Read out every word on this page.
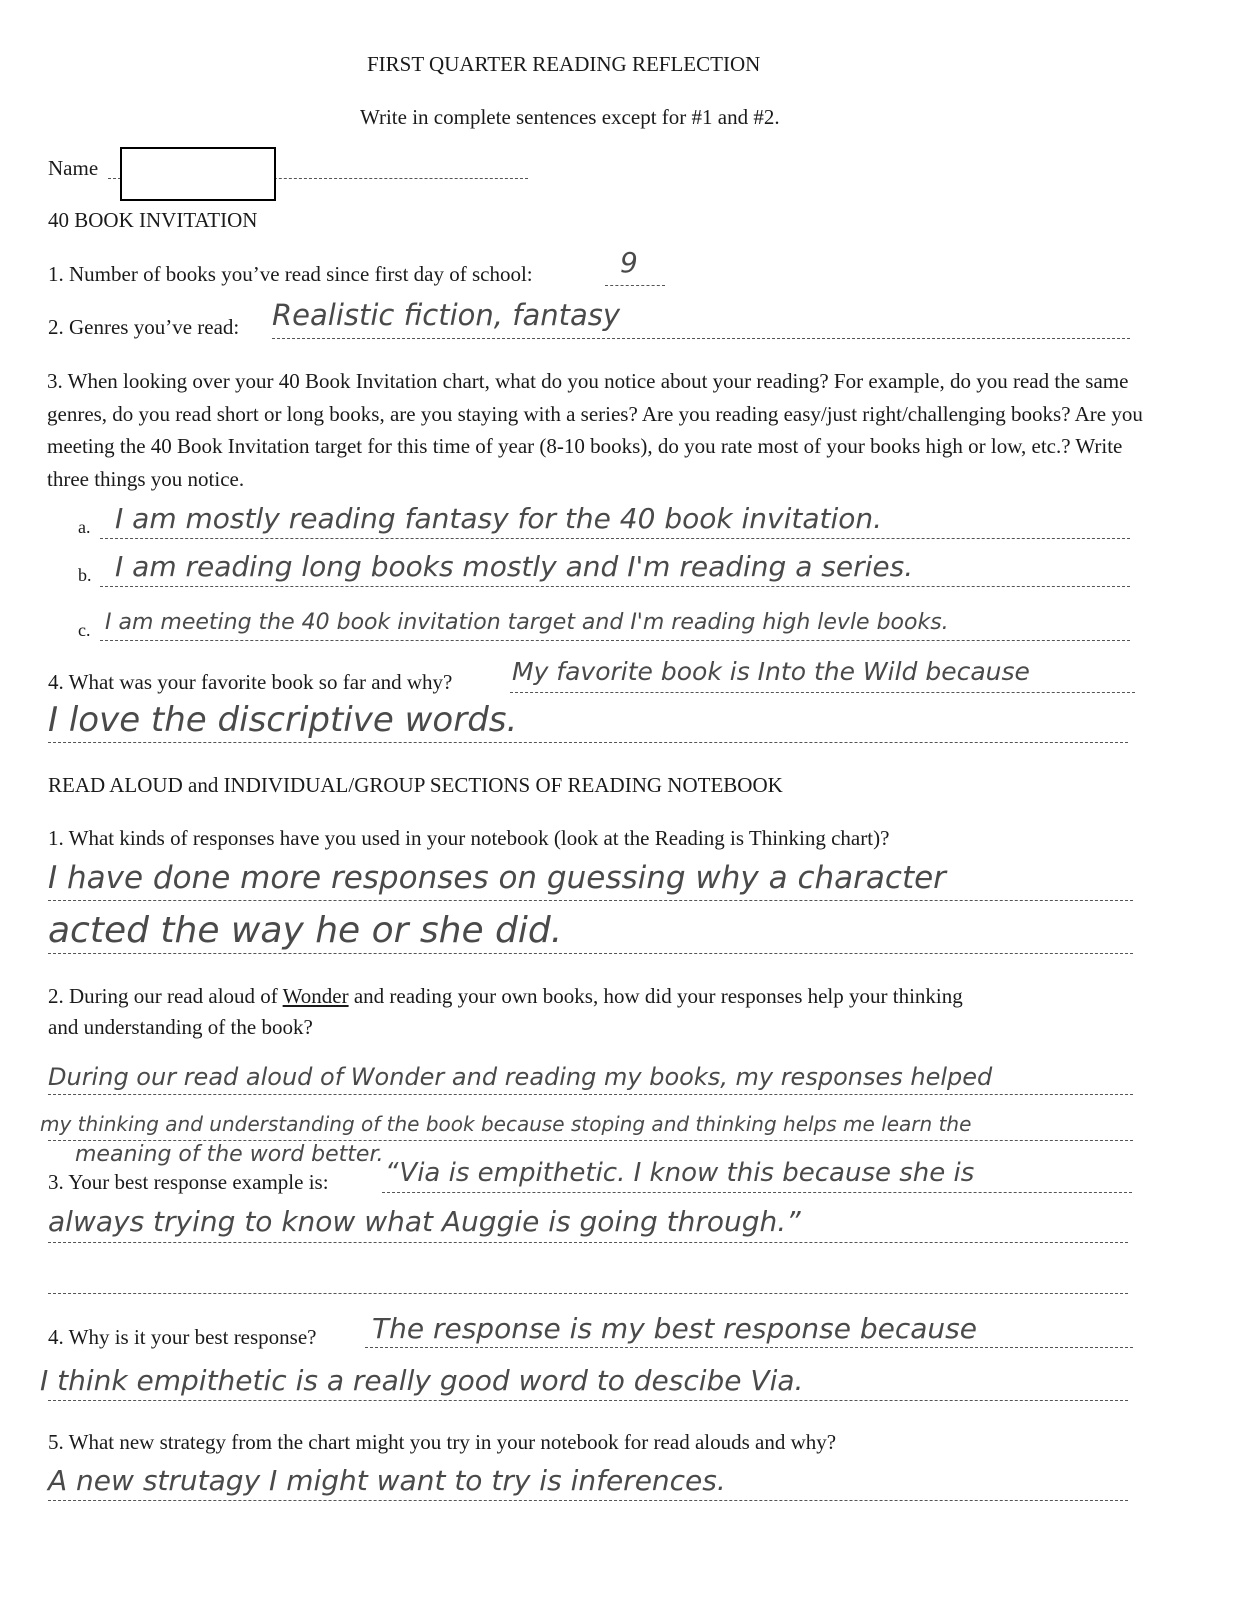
FIRST QUARTER READING REFLECTION
Write in complete sentences except for #1 and #2.
Name
40 BOOK INVITATION
1. Number of books you’ve read since first day of school:	9
2. Genres you’ve read: Realistic fiction, fantasy
3. When looking over your 40 Book Invitation chart, what do you notice about your reading? For example, do you read the same genres, do you read short or long books, are you staying with a series? Are you reading easy/just right/challenging books? Are you meeting the 40 Book Invitation target for this time of year (8-10 books), do you rate most of your books high or low, etc.? Write three things you notice.
a. I am mostly reading fantasy for the 40 book invitation.
b. I am reading long books mostly and I'm reading a series.
c. I am meeting the 40 book invitation target and I'm reading high levle books.
4. What was your favorite book so far and why? My favorite book is Into the Wild because
I love the discriptive words.
READ ALOUD and INDIVIDUAL/GROUP SECTIONS OF READING NOTEBOOK
1. What kinds of responses have you used in your notebook (look at the Reading is Thinking chart)?
I have done more responses on guessing why a character
acted the way he or she did.
2. During our read aloud of Wonder and reading your own books, how did your responses help your thinking
and understanding of the book?
During our read aloud of Wonder and reading my books, my responses helped
my thinking and understanding of the book because stoping and thinking helps me learn the
meaning of the word better.
3. Your best response example is: “Via is empithetic. I know this because she is
always trying to know what Auggie is going through.”
4. Why is it your best response? The response is my best response because
I think empithetic is a really good word to descibe Via.
5. What new strategy from the chart might you try in your notebook for read alouds and why?
A new strutagy I might want to try is inferences.
